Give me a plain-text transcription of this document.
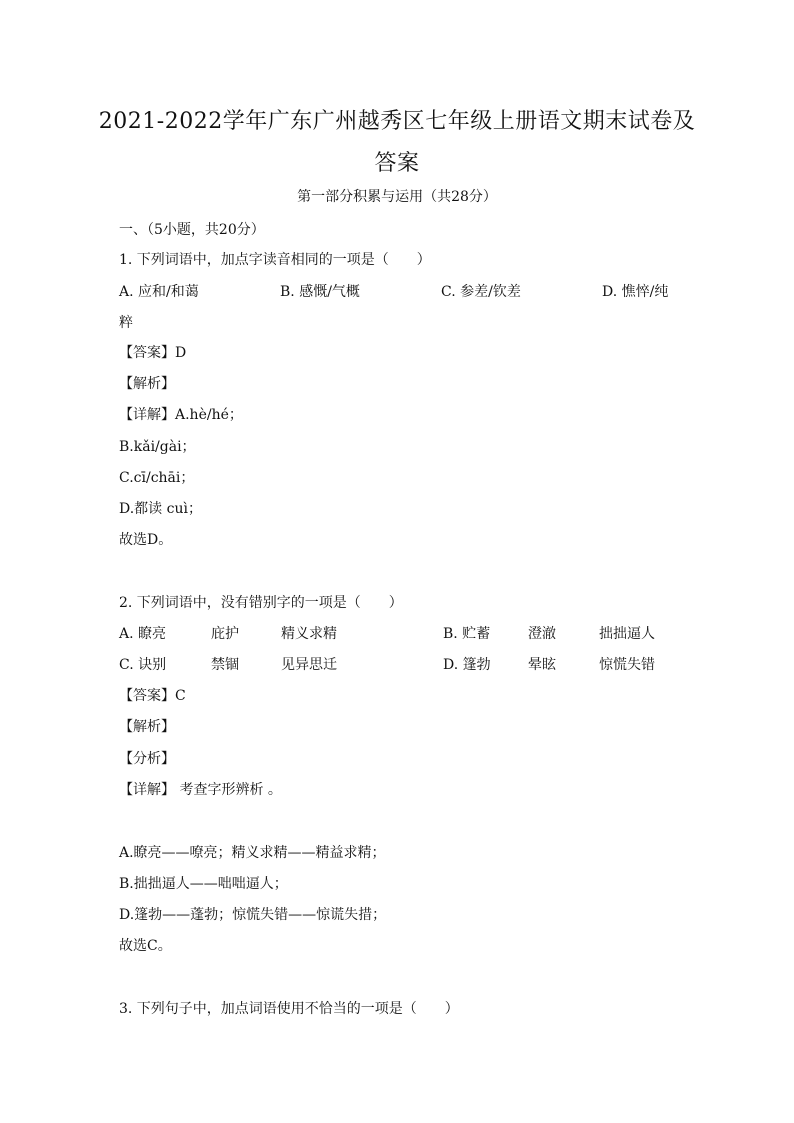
2021-2022学年广东广州越秀区七年级上册语文期末试卷及
答案
第一部分积累与运用（共28分）
一、（5小题，共20分）
1. 下列词语中，加点字读音相同的一项是（　　）
A. 应和/和蔼	B. 感慨/气概	C. 参差/钦差	D. 憔悴/纯
粹
【答案】D
【解析】
【详解】A.hè/hé；
B.kǎi/gài；
C.cī/chāi；
D.都读 cuì；
故选D。
2. 下列词语中，没有错别字的一项是（　　）
A. 瞭亮	庇护	精义求精	B. 贮蓄	澄澈	拙拙逼人
C. 诀别	禁锢	见异思迁	D. 篷勃	晕眩	惊慌失错
【答案】C
【解析】
【分析】
【详解】 考查字形辨析 。
A.瞭亮——嘹亮；精义求精——精益求精；
B.拙拙逼人——咄咄逼人；
D.篷勃——蓬勃；惊慌失错——惊谎失措；
故选C。
3. 下列句子中，加点词语使用不恰当的一项是（　　）
